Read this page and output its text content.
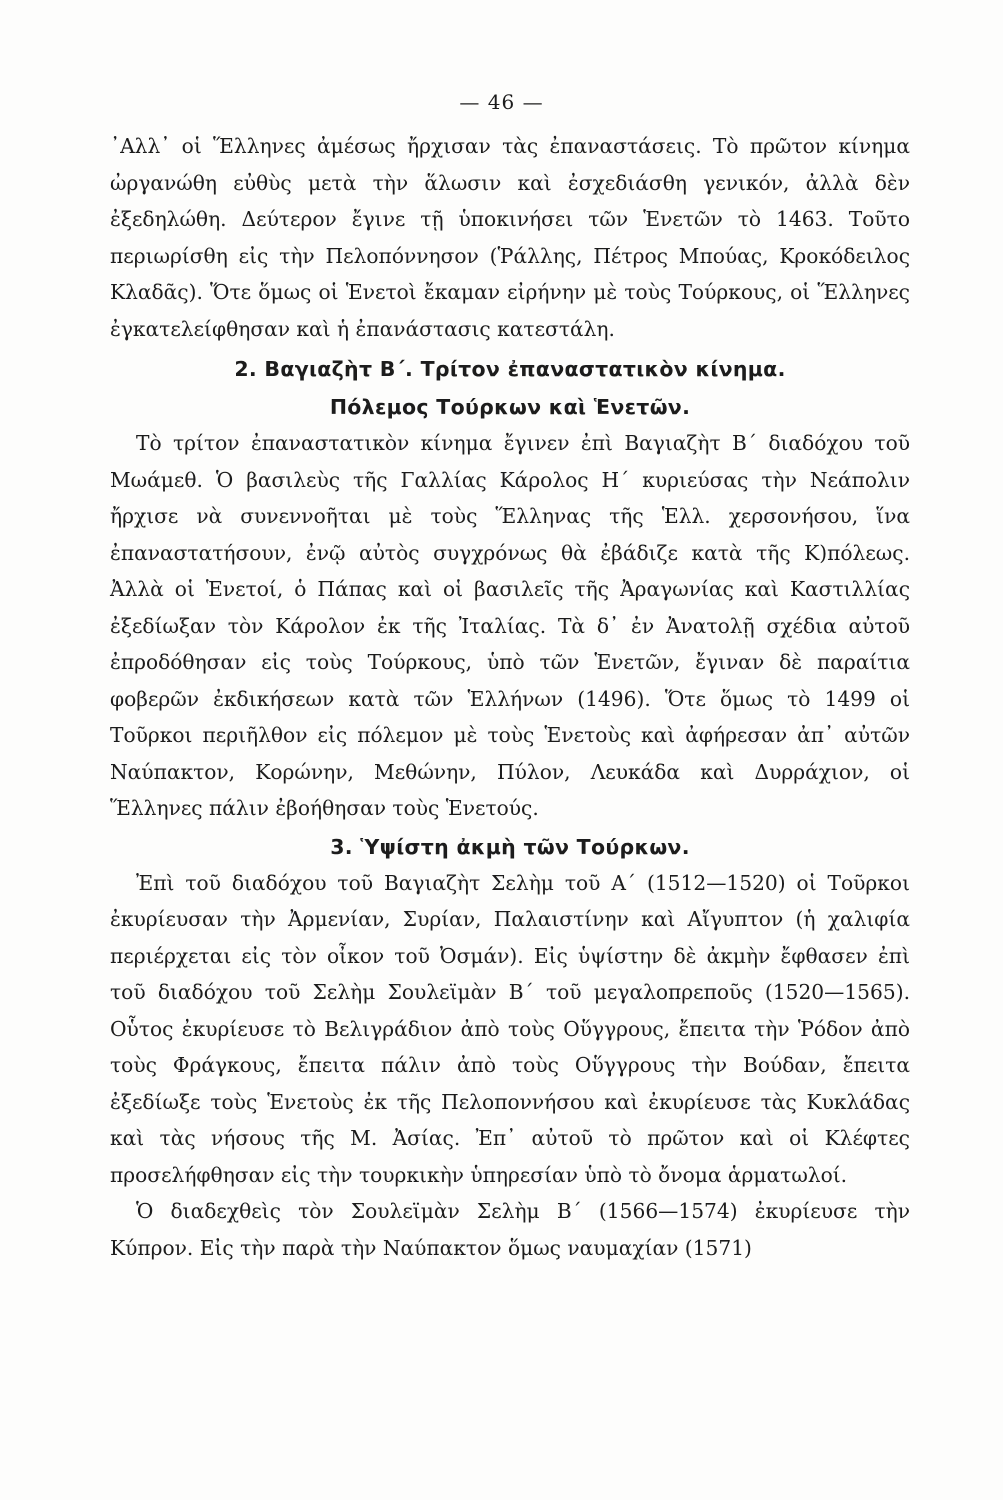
— 46 —

᾿Αλλ᾿ οἱ Ἕλληνες ἀμέσως ἤρχισαν τὰς ἐπαναστάσεις. Τὸ πρῶτον κίνημα ὠργανώθη εὐθὺς μετὰ τὴν ἅλωσιν καὶ ἐσχεδιάσθη γενικόν, ἀλλὰ δὲν ἐξεδηλώθη. Δεύτερον ἔγινε τῇ ὑποκινήσει τῶν Ἑνετῶν τὸ 1463. Τοῦτο περιωρίσθη εἰς τὴν Πελοπόννησον (Ῥάλλης, Πέτρος Μπούας, Κροκόδειλος Κλαδᾶς). Ὅτε ὅμως οἱ Ἑνετοὶ ἔκαμαν εἰρήνην μὲ τοὺς Τούρκους, οἱ Ἕλληνες ἐγκατελείφθησαν καὶ ἡ ἐπανάστασις κατεστάλη.

2. Βαγιαζὴτ Β΄. Τρίτον ἐπαναστατικὸν κίνημα.
Πόλεμος Τούρκων καὶ Ἑνετῶν.

Τὸ τρίτον ἐπαναστατικὸν κίνημα ἔγινεν ἐπὶ Βαγιαζὴτ Β΄ διαδόχου τοῦ Μωάμεθ. Ὁ βασιλεὺς τῆς Γαλλίας Κάρολος Η΄ κυριεύσας τὴν Νεάπολιν ἤρχισε νὰ συνεννοῆται μὲ τοὺς Ἕλληνας τῆς Ἑλλ. χερσονήσου, ἵνα ἐπαναστατήσουν, ἐνῷ αὐτὸς συγχρόνως θὰ ἐβάδιζε κατὰ τῆς Κ)πόλεως. Ἀλλὰ οἱ Ἑνετοί, ὁ Πάπας καὶ οἱ βασιλεῖς τῆς Ἀραγωνίας καὶ Καστιλλίας ἐξεδίωξαν τὸν Κάρολον ἐκ τῆς Ἰταλίας. Τὰ δ᾿ ἐν Ἀνατολῇ σχέδια αὐτοῦ ἐπροδόθησαν εἰς τοὺς Τούρκους, ὑπὸ τῶν Ἑνετῶν, ἔγιναν δὲ παραίτια φοβερῶν ἐκδικήσεων κατὰ τῶν Ἑλλήνων (1496). Ὅτε ὅμως τὸ 1499 οἱ Τοῦρκοι περιῆλθον εἰς πόλεμον μὲ τοὺς Ἑνετοὺς καὶ ἀφήρεσαν ἀπ᾿ αὐτῶν Ναύπακτον, Κορώνην, Μεθώνην, Πύλον, Λευκάδα καὶ Δυρράχιον, οἱ Ἕλληνες πάλιν ἐβοήθησαν τοὺς Ἑνετούς.

3. Ὑψίστη ἀκμὴ τῶν Τούρκων.

Ἐπὶ τοῦ διαδόχου τοῦ Βαγιαζὴτ Σελὴμ τοῦ Α΄ (1512—1520) οἱ Τοῦρκοι ἐκυρίευσαν τὴν Ἀρμενίαν, Συρίαν, Παλαιστίνην καὶ Αἴγυπτον (ἡ χαλιφία περιέρχεται εἰς τὸν οἶκον τοῦ Ὀσμάν). Εἰς ὑψίστην δὲ ἀκμὴν ἔφθασεν ἐπὶ τοῦ διαδόχου τοῦ Σελὴμ Σουλεϊμὰν Β΄ τοῦ μεγαλοπρεποῦς (1520—1565). Οὗτος ἐκυρίευσε τὸ Βελιγράδιον ἀπὸ τοὺς Οὕγγρους, ἔπειτα τὴν Ῥόδον ἀπὸ τοὺς Φράγκους, ἔπειτα πάλιν ἀπὸ τοὺς Οὕγγρους τὴν Βούδαν, ἔπειτα ἐξεδίωξε τοὺς Ἑνετοὺς ἐκ τῆς Πελοποννήσου καὶ ἐκυρίευσε τὰς Κυκλάδας καὶ τὰς νήσους τῆς Μ. Ἀσίας. Ἐπ᾿ αὐτοῦ τὸ πρῶτον καὶ οἱ Κλέφτες προσελήφθησαν εἰς τὴν τουρκικὴν ὑπηρεσίαν ὑπὸ τὸ ὄνομα ἁρματωλοί.

Ὁ διαδεχθεὶς τὸν Σουλεϊμὰν Σελὴμ Β΄ (1566—1574) ἐκυρίευσε τὴν Κύπρον. Εἰς τὴν παρὰ τὴν Ναύπακτον ὅμως ναυμαχίαν (1571)
